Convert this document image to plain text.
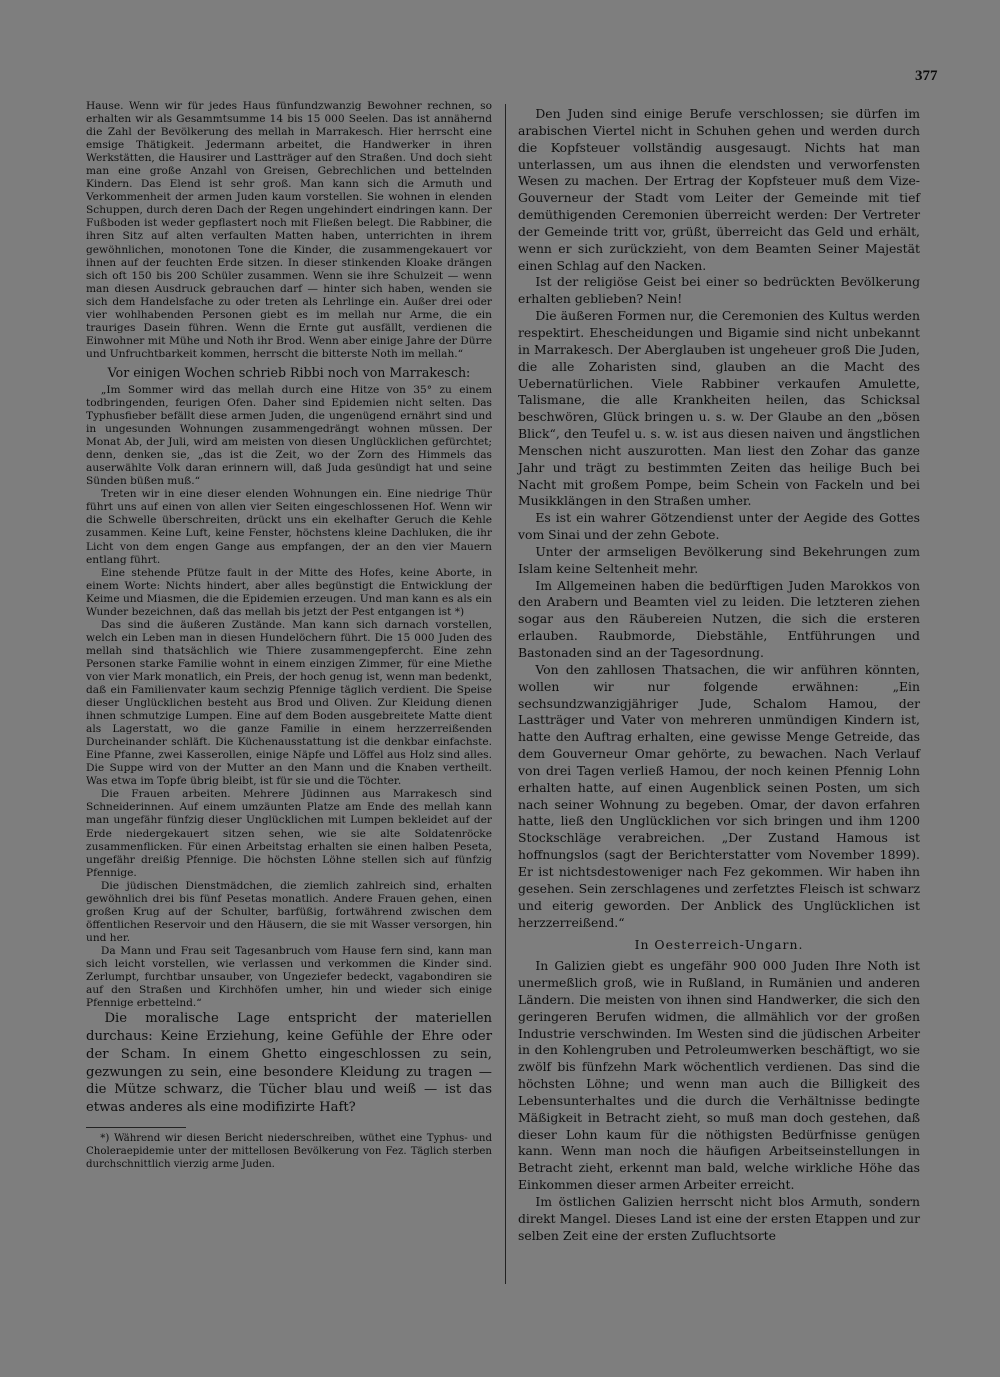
377

Hause. Wenn wir für jedes Haus fünfundzwanzig Bewohner rechnen, so erhalten wir als Gesammtsumme 14 bis 15 000 Seelen. Das ist annähernd die Zahl der Bevölkerung des mellah in Marrakesch. Hier herrscht eine emsige Thätigkeit. Jedermann arbeitet, die Handwerker in ihren Werkstätten, die Hausirer und Lastträger auf den Straßen. Und doch sieht man eine große Anzahl von Greisen, Gebrechlichen und bettelnden Kindern. Das Elend ist sehr groß. Man kann sich die Armuth und Verkommenheit der armen Juden kaum vorstellen. Sie wohnen in elenden Schuppen, durch deren Dach der Regen ungehindert eindringen kann. Der Fußboden ist weder gepflastert noch mit Fließen belegt. Die Rabbiner, die ihren Sitz auf alten verfaulten Matten haben, unterrichten in ihrem gewöhnlichen, monotonen Tone die Kinder, die zusammengekauert vor ihnen auf der feuchten Erde sitzen. In dieser stinkenden Kloake drängen sich oft 150 bis 200 Schüler zusammen. Wenn sie ihre Schulzeit — wenn man diesen Ausdruck gebrauchen darf — hinter sich haben, wenden sie sich dem Handelsfache zu oder treten als Lehrlinge ein. Außer drei oder vier wohlhabenden Personen giebt es im mellah nur Arme, die ein trauriges Dasein führen. Wenn die Ernte gut ausfällt, verdienen die Einwohner mit Mühe und Noth ihr Brod. Wenn aber einige Jahre der Dürre und Unfruchtbarkeit kommen, herrscht die bitterste Noth im mellah.“

Vor einigen Wochen schrieb Ribbi noch von Marrakesch:

„Im Sommer wird das mellah durch eine Hitze von 35° zu einem todbringenden, feurigen Ofen. Daher sind Epidemien nicht selten. Das Typhusfieber befällt diese armen Juden, die ungenügend ernährt sind und in ungesunden Wohnungen zusammengedrängt wohnen müssen. Der Monat Ab, der Juli, wird am meisten von diesen Unglücklichen gefürchtet; denn, denken sie, „das ist die Zeit, wo der Zorn des Himmels das auserwählte Volk daran erinnern will, daß Juda gesündigt hat und seine Sünden büßen muß.“

Treten wir in eine dieser elenden Wohnungen ein. Eine niedrige Thür führt uns auf einen von allen vier Seiten eingeschlossenen Hof. Wenn wir die Schwelle überschreiten, drückt uns ein ekelhafter Geruch die Kehle zusammen. Keine Luft, keine Fenster, höchstens kleine Dachluken, die ihr Licht von dem engen Gange aus empfangen, der an den vier Mauern entlang führt.

Eine stehende Pfütze fault in der Mitte des Hofes, keine Aborte, in einem Worte: Nichts hindert, aber alles begünstigt die Entwicklung der Keime und Miasmen, die die Epidemien erzeugen. Und man kann es als ein Wunder bezeichnen, daß das mellah bis jetzt der Pest entgangen ist *)

Das sind die äußeren Zustände. Man kann sich darnach vorstellen, welch ein Leben man in diesen Hundelöchern führt. Die 15 000 Juden des mellah sind thatsächlich wie Thiere zusammengepfercht. Eine zehn Personen starke Familie wohnt in einem einzigen Zimmer, für eine Miethe von vier Mark monatlich, ein Preis, der hoch genug ist, wenn man bedenkt, daß ein Familienvater kaum sechzig Pfennige täglich verdient. Die Speise dieser Unglücklichen besteht aus Brod und Oliven. Zur Kleidung dienen ihnen schmutzige Lumpen. Eine auf dem Boden ausgebreitete Matte dient als Lagerstatt, wo die ganze Familie in einem herzzerreißenden Durcheinander schläft. Die Küchenausstattung ist die denkbar einfachste. Eine Pfanne, zwei Kasserollen, einige Näpfe und Löffel aus Holz sind alles. Die Suppe wird von der Mutter an den Mann und die Knaben vertheilt. Was etwa im Topfe übrig bleibt, ist für sie und die Töchter.

Die Frauen arbeiten. Mehrere Jüdinnen aus Marrakesch sind Schneiderinnen. Auf einem umzäunten Platze am Ende des mellah kann man ungefähr fünfzig dieser Unglücklichen mit Lumpen bekleidet auf der Erde niedergekauert sitzen sehen, wie sie alte Soldatenröcke zusammenflicken. Für einen Arbeitstag erhalten sie einen halben Peseta, ungefähr dreißig Pfennige. Die höchsten Löhne stellen sich auf fünfzig Pfennige.

Die jüdischen Dienstmädchen, die ziemlich zahlreich sind, erhalten gewöhnlich drei bis fünf Pesetas monatlich. Andere Frauen gehen, einen großen Krug auf der Schulter, barfüßig, fortwährend zwischen dem öffentlichen Reservoir und den Häusern, die sie mit Wasser versorgen, hin und her.

Da Mann und Frau seit Tagesanbruch vom Hause fern sind, kann man sich leicht vorstellen, wie verlassen und verkommen die Kinder sind. Zerlumpt, furchtbar unsauber, von Ungeziefer bedeckt, vagabondiren sie auf den Straßen und Kirchhöfen umher, hin und wieder sich einige Pfennige erbettelnd.“

Die moralische Lage entspricht der materiellen durchaus: Keine Erziehung, keine Gefühle der Ehre oder der Scham. In einem Ghetto eingeschlossen zu sein, gezwungen zu sein, eine besondere Kleidung zu tragen — die Mütze schwarz, die Tücher blau und weiß — ist das etwas anderes als eine modifizirte Haft?

*) Während wir diesen Bericht niederschreiben, wüthet eine Typhus- und Choleraepidemie unter der mittellosen Bevölkerung von Fez. Täglich sterben durchschnittlich vierzig arme Juden.

Den Juden sind einige Berufe verschlossen; sie dürfen im arabischen Viertel nicht in Schuhen gehen und werden durch die Kopfsteuer vollständig ausgesaugt. Nichts hat man unterlassen, um aus ihnen die elendsten und verworfensten Wesen zu machen. Der Ertrag der Kopfsteuer muß dem Vize-Gouverneur der Stadt vom Leiter der Gemeinde mit tief demüthigenden Ceremonien überreicht werden: Der Vertreter der Gemeinde tritt vor, grüßt, überreicht das Geld und erhält, wenn er sich zurückzieht, von dem Beamten Seiner Majestät einen Schlag auf den Nacken.

Ist der religiöse Geist bei einer so bedrückten Bevölkerung erhalten geblieben? Nein!

Die äußeren Formen nur, die Ceremonien des Kultus werden respektirt. Ehescheidungen und Bigamie sind nicht unbekannt in Marrakesch. Der Aberglauben ist ungeheuer groß Die Juden, die alle Zoharisten sind, glauben an die Macht des Uebernatürlichen. Viele Rabbiner verkaufen Amulette, Talismane, die alle Krankheiten heilen, das Schicksal beschwören, Glück bringen u. s. w. Der Glaube an den „bösen Blick“, den Teufel u. s. w. ist aus diesen naiven und ängstlichen Menschen nicht auszurotten. Man liest den Zohar das ganze Jahr und trägt zu bestimmten Zeiten das heilige Buch bei Nacht mit großem Pompe, beim Schein von Fackeln und bei Musikklängen in den Straßen umher.

Es ist ein wahrer Götzendienst unter der Aegide des Gottes vom Sinai und der zehn Gebote.

Unter der armseligen Bevölkerung sind Bekehrungen zum Islam keine Seltenheit mehr.

Im Allgemeinen haben die bedürftigen Juden Marokkos von den Arabern und Beamten viel zu leiden. Die letzteren ziehen sogar aus den Räubereien Nutzen, die sich die ersteren erlauben. Raubmorde, Diebstähle, Entführungen und Bastonaden sind an der Tagesordnung.

Von den zahllosen Thatsachen, die wir anführen könnten, wollen wir nur folgende erwähnen: „Ein sechsundzwanzigjähriger Jude, Schalom Hamou, der Lastträger und Vater von mehreren unmündigen Kindern ist, hatte den Auftrag erhalten, eine gewisse Menge Getreide, das dem Gouverneur Omar gehörte, zu bewachen. Nach Verlauf von drei Tagen verließ Hamou, der noch keinen Pfennig Lohn erhalten hatte, auf einen Augenblick seinen Posten, um sich nach seiner Wohnung zu begeben. Omar, der davon erfahren hatte, ließ den Unglücklichen vor sich bringen und ihm 1200 Stockschläge verabreichen. „Der Zustand Hamous ist hoffnungslos (sagt der Berichterstatter vom November 1899). Er ist nichtsdestoweniger nach Fez gekommen. Wir haben ihn gesehen. Sein zerschlagenes und zerfetztes Fleisch ist schwarz und eiterig geworden. Der Anblick des Unglücklichen ist herzzerreißend.“

In Oesterreich-Ungarn.

In Galizien giebt es ungefähr 900 000 Juden Ihre Noth ist unermeßlich groß, wie in Rußland, in Rumänien und anderen Ländern. Die meisten von ihnen sind Handwerker, die sich den geringeren Berufen widmen, die allmählich vor der großen Industrie verschwinden. Im Westen sind die jüdischen Arbeiter in den Kohlengruben und Petroleumwerken beschäftigt, wo sie zwölf bis fünfzehn Mark wöchentlich verdienen. Das sind die höchsten Löhne; und wenn man auch die Billigkeit des Lebensunterhaltes und die durch die Verhältnisse bedingte Mäßigkeit in Betracht zieht, so muß man doch gestehen, daß dieser Lohn kaum für die nöthigsten Bedürfnisse genügen kann. Wenn man noch die häufigen Arbeitseinstellungen in Betracht zieht, erkennt man bald, welche wirkliche Höhe das Einkommen dieser armen Arbeiter erreicht.

Im östlichen Galizien herrscht nicht blos Armuth, sondern direkt Mangel. Dieses Land ist eine der ersten Etappen und zur selben Zeit eine der ersten Zufluchtsorte
